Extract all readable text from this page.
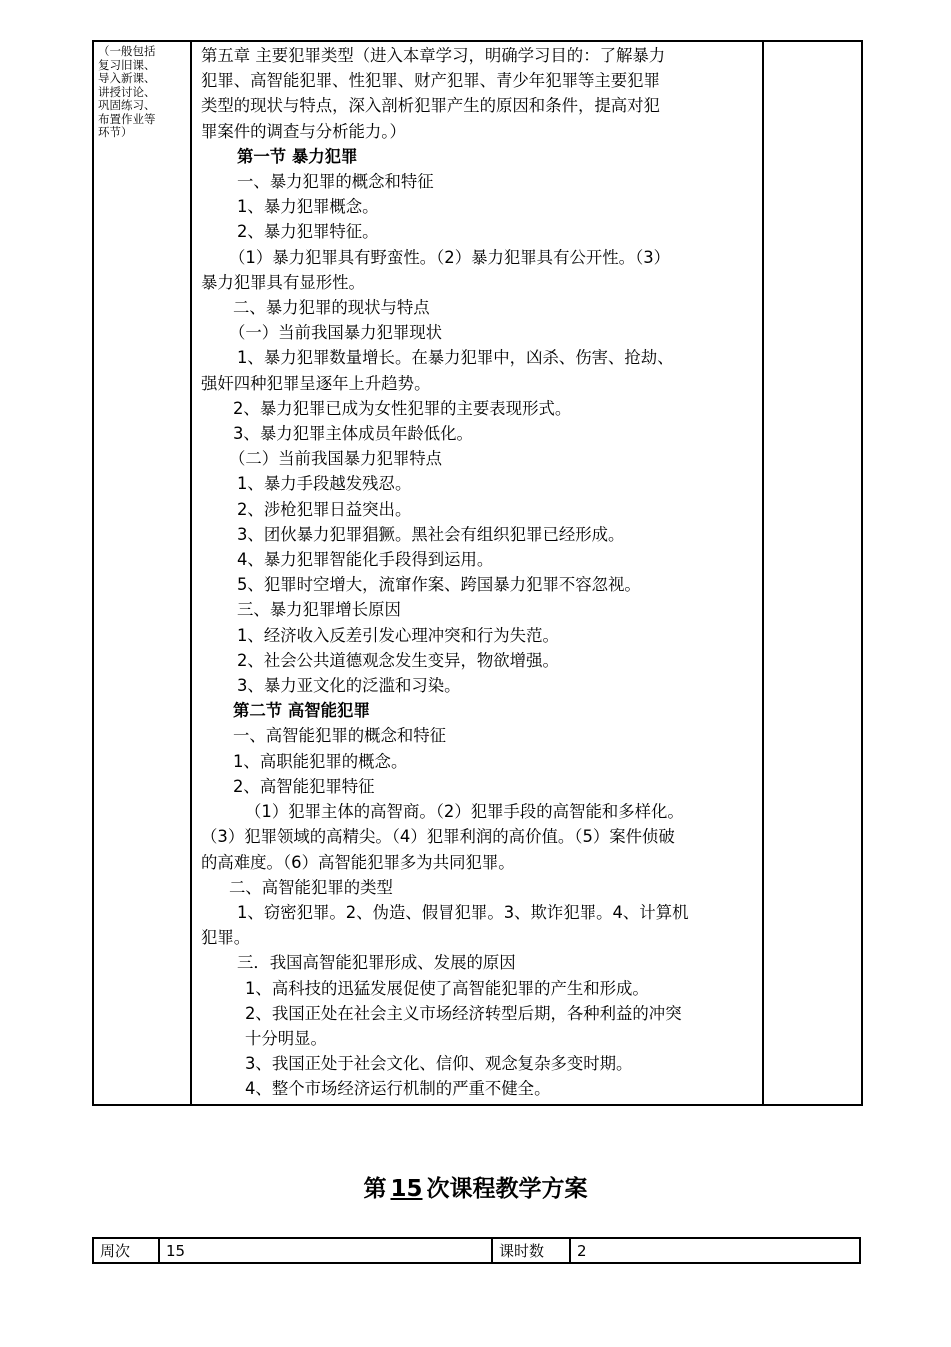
（一般包括
复习旧课、
导入新课、
讲授讨论、
巩固练习、
布置作业等
环节）

第五章 主要犯罪类型（进入本章学习，明确学习目的：了解暴力
犯罪、高智能犯罪、性犯罪、财产犯罪、青少年犯罪等主要犯罪
类型的现状与特点，深入剖析犯罪产生的原因和条件，提高对犯
罪案件的调查与分析能力。）
第一节 暴力犯罪
一、暴力犯罪的概念和特征
1、暴力犯罪概念。
2、暴力犯罪特征。
（1）暴力犯罪具有野蛮性。（2）暴力犯罪具有公开性。（3）
暴力犯罪具有显形性。
二、暴力犯罪的现状与特点
（一）当前我国暴力犯罪现状
1、暴力犯罪数量增长。在暴力犯罪中，凶杀、伤害、抢劫、
强奸四种犯罪呈逐年上升趋势。
2、暴力犯罪已成为女性犯罪的主要表现形式。
3、暴力犯罪主体成员年龄低化。
（二）当前我国暴力犯罪特点
1、暴力手段越发残忍。
2、涉枪犯罪日益突出。
3、团伙暴力犯罪猖獗。黑社会有组织犯罪已经形成。
4、暴力犯罪智能化手段得到运用。
5、犯罪时空增大，流窜作案、跨国暴力犯罪不容忽视。
三、暴力犯罪增长原因
1、经济收入反差引发心理冲突和行为失范。
2、社会公共道德观念发生变异，物欲增强。
3、暴力亚文化的泛滥和习染。
第二节 高智能犯罪
一、高智能犯罪的概念和特征
1、高职能犯罪的概念。
2、高智能犯罪特征
（1）犯罪主体的高智商。（2）犯罪手段的高智能和多样化。
（3）犯罪领域的高精尖。（4）犯罪利润的高价值。（5）案件侦破
的高难度。（6）高智能犯罪多为共同犯罪。
二、高智能犯罪的类型
1、窃密犯罪。2、伪造、假冒犯罪。3、欺诈犯罪。4、计算机
犯罪。
三．我国高智能犯罪形成、发展的原因
1、高科技的迅猛发展促使了高智能犯罪的产生和形成。
2、我国正处在社会主义市场经济转型后期，各种利益的冲突
十分明显。
3、我国正处于社会文化、信仰、观念复杂多变时期。
4、整个市场经济运行机制的严重不健全。

第 15 次课程教学方案
周次	15	课时数	2
